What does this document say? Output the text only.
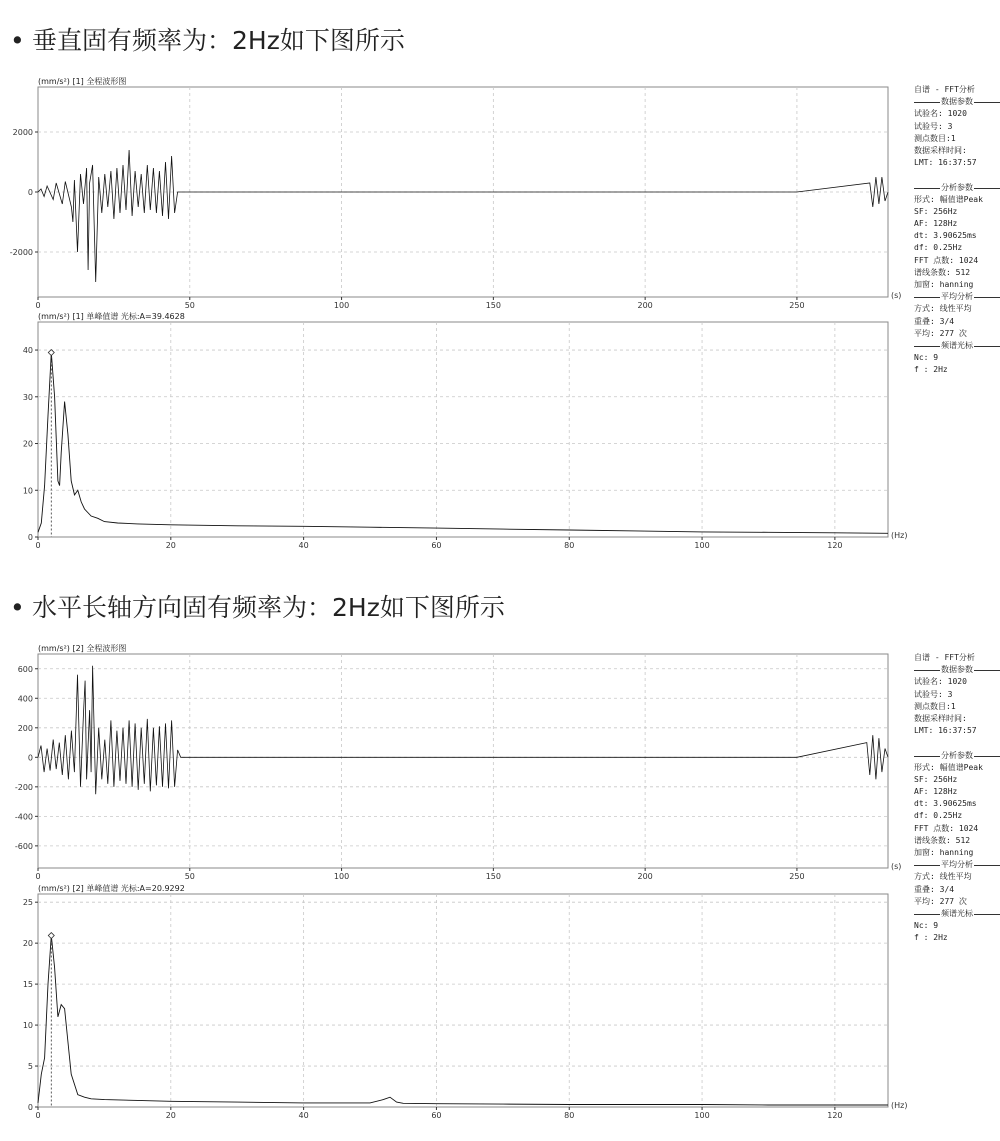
• 垂直固有频率为：2Hz如下图所示
• 水平长轴方向固有频率为：2Hz如下图所示
(mm/s²) [1] 全程波形图
0	50	100	150	200	250
(s)
2000
0
-2000
(mm/s²) [1] 单峰值谱 光标:A=39.4628
0	20	40	60	80	100	120
(Hz)
40
30
20
10
0
(mm/s²) [2] 全程波形图
0	50	100	150	200	250
(s)
600
400
200
0
-200
-400
-600
(mm/s²) [2] 单峰值谱 光标:A=20.9292
0	20	40	60	80	100	120
(Hz)
25
20
15
10
5
0
自谱 - FFT分析
数据参数
试验名: 1020
试验号: 3
测点数目:1
数据采样时间:
LMT: 16:37:57
分析参数
形式: 幅值谱Peak
SF: 256Hz
AF: 128Hz
dt: 3.90625ms
df: 0.25Hz
FFT 点数: 1024
谱线条数: 512
加窗: hanning
平均分析
方式: 线性平均
重叠: 3/4
平均: 277 次
频谱光标
Nc: 9
f : 2Hz
自谱 - FFT分析
数据参数
试验名: 1020
试验号: 3
测点数目:1
数据采样时间:
LMT: 16:37:57
分析参数
形式: 幅值谱Peak
SF: 256Hz
AF: 128Hz
dt: 3.90625ms
df: 0.25Hz
FFT 点数: 1024
谱线条数: 512
加窗: hanning
平均分析
方式: 线性平均
重叠: 3/4
平均: 277 次
频谱光标
Nc: 9
f : 2Hz
